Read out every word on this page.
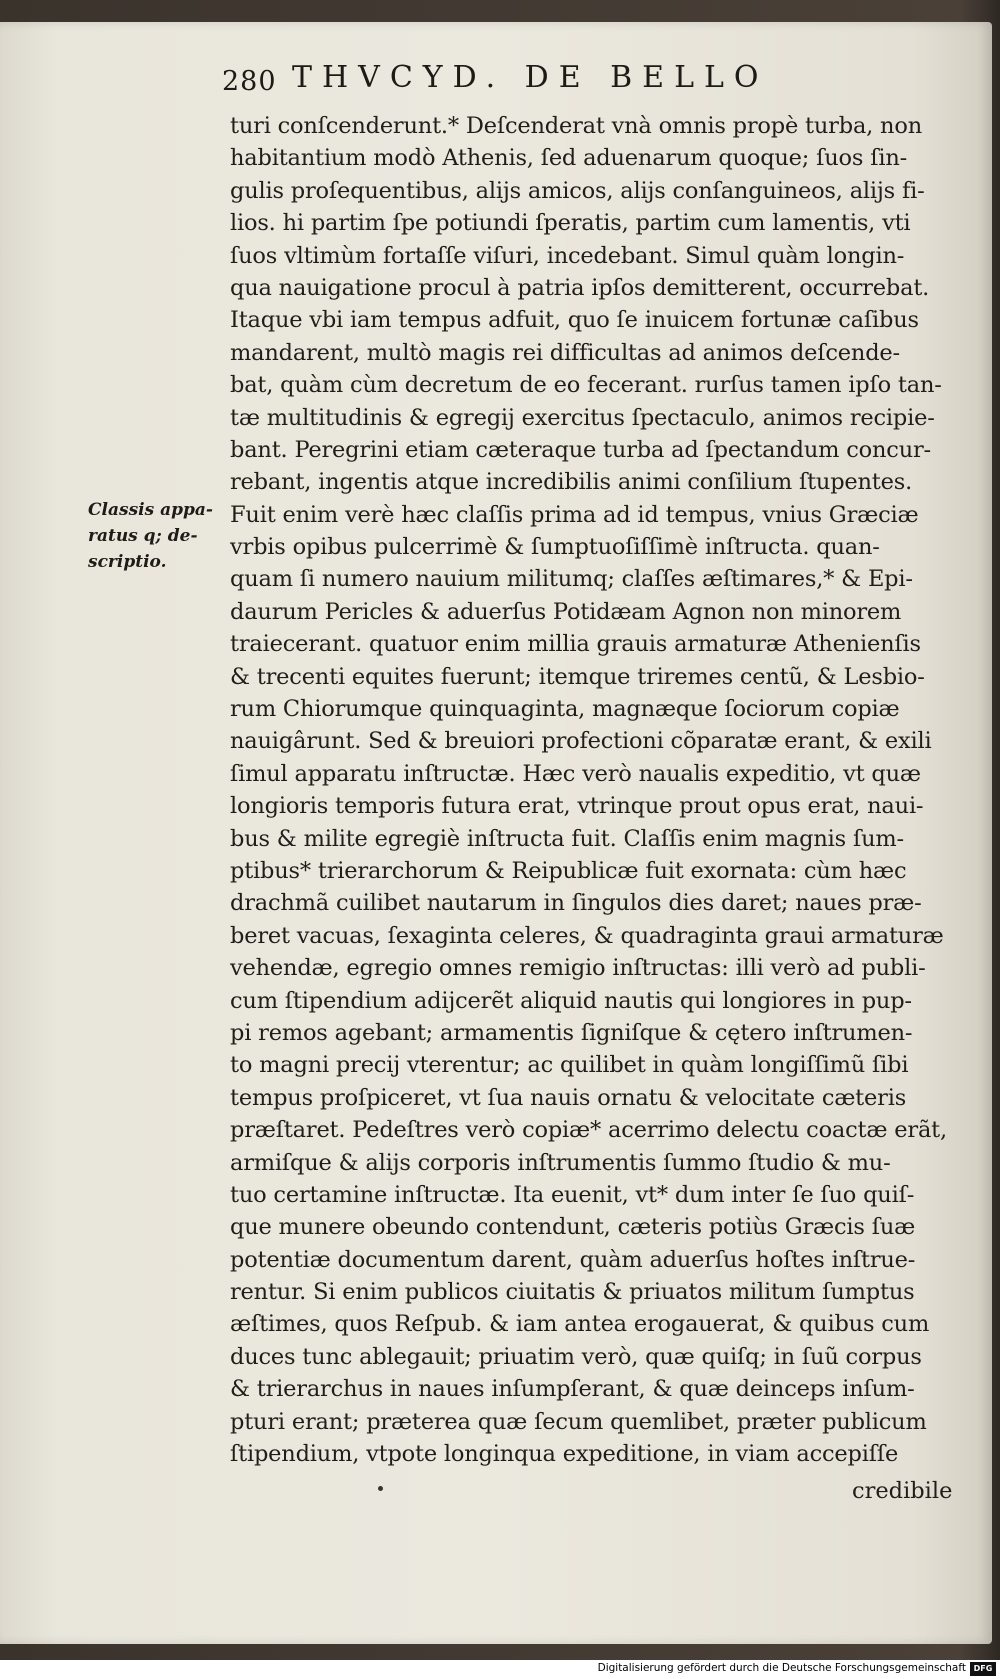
280 THVCYD. DE BELLO
Classis appa-
ratus q; de-
scriptio.
turi conſcenderunt.* Deſcenderat vnà omnis propè turba, non
habitantium modò Athenis, ſed aduenarum quoque; ſuos ſin-
gulis proſequentibus, alijs amicos, alijs conſanguineos, alijs fi-
lios. hi partim ſpe potiundi ſperatis, partim cum lamentis, vti
ſuos vltimùm fortaſſe viſuri, incedebant. Simul quàm longin-
qua nauigatione procul à patria ipſos demitterent, occurrebat.
Itaque vbi iam tempus adfuit, quo ſe inuicem fortunæ caſibus
mandarent, multò magis rei difficultas ad animos deſcende-
bat, quàm cùm decretum de eo fecerant. rurſus tamen ipſo tan-
tæ multitudinis & egregij exercitus ſpectaculo, animos recipie-
bant. Peregrini etiam cæteraque turba ad ſpectandum concur-
rebant, ingentis atque incredibilis animi conſilium ſtupentes.
Fuit enim verè hæc claſſis prima ad id tempus, vnius Græciæ
vrbis opibus pulcerrimè & ſumptuoſiſſimè inſtructa. quan-
quam ſi numero nauium militumq; claſſes æſtimares,* & Epi-
daurum Pericles & aduerſus Potidæam Agnon non minorem
traiecerant. quatuor enim millia grauis armaturæ Athenienſis
& trecenti equites fuerunt; itemque triremes centũ, & Lesbio-
rum Chiorumque quinquaginta, magnæque ſociorum copiæ
nauigârunt. Sed & breuiori profectioni cõparatæ erant, & exili
ſimul apparatu inſtructæ. Hæc verò naualis expeditio, vt quæ
longioris temporis futura erat, vtrinque prout opus erat, naui-
bus & milite egregiè inſtructa fuit. Claſſis enim magnis ſum-
ptibus* trierarchorum & Reipublicæ fuit exornata: cùm hæc
drachmã cuilibet nautarum in ſingulos dies daret; naues præ-
beret vacuas, ſexaginta celeres, & quadraginta graui armaturæ
vehendæ, egregio omnes remigio inſtructas: illi verò ad publi-
cum ſtipendium adijcerẽt aliquid nautis qui longiores in pup-
pi remos agebant; armamentis ſigniſque & cętero inſtrumen-
to magni precij vterentur; ac quilibet in quàm longiſſimũ ſibi
tempus proſpiceret, vt ſua nauis ornatu & velocitate cæteris
præſtaret. Pedeſtres verò copiæ* acerrimo delectu coactæ erãt,
armiſque & alijs corporis inſtrumentis ſummo ſtudio & mu-
tuo certamine inſtructæ. Ita euenit, vt* dum inter ſe ſuo quiſ-
que munere obeundo contendunt, cæteris potiùs Græcis ſuæ
potentiæ documentum darent, quàm aduerſus hoſtes inſtrue-
rentur. Si enim publicos ciuitatis & priuatos militum ſumptus
æſtimes, quos Reſpub. & iam antea erogauerat, & quibus cum
duces tunc ablegauit; priuatim verò, quæ quiſq; in ſuũ corpus
& trierarchus in naues inſumpſerant, & quæ deinceps inſum-
pturi erant; præterea quæ ſecum quemlibet, præter publicum
ſtipendium, vtpote longinqua expeditione, in viam accepiſſe
credibile
Digitalisierung gefördert durch die Deutsche Forschungsgemeinschaft DFG
